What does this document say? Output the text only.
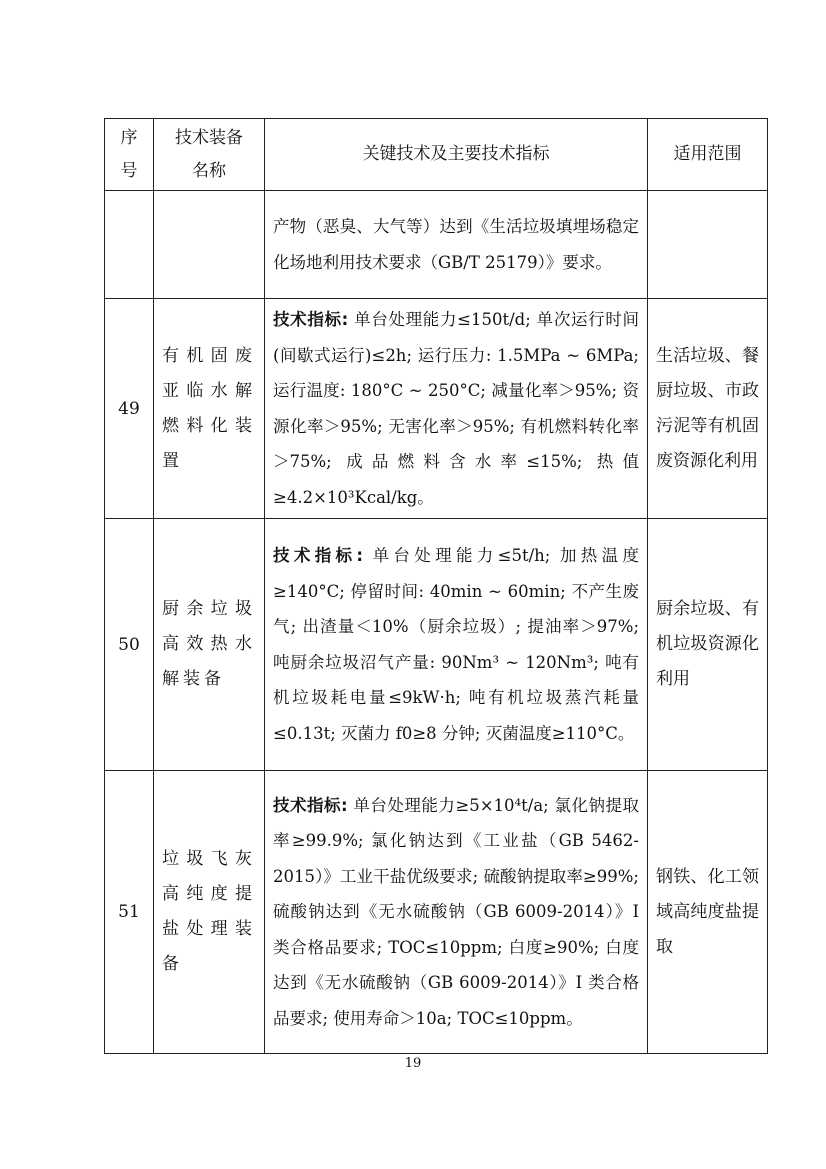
序号	技术装备名称	关键技术及主要技术指标	适用范围
		产物（恶臭、大气等）达到《生活垃圾填埋场稳定化场地利用技术要求（GB/T 25179）》要求。	
49	有机固废亚临水解燃料化装置	技术指标: 单台处理能力≤150t/d; 单次运行时间(间歇式运行)≤2h; 运行压力: 1.5MPa ~ 6MPa; 运行温度: 180°C ~ 250°C; 减量化率＞95%; 资源化率＞95%; 无害化率＞95%; 有机燃料转化率＞75%; 成品燃料含水率≤15%; 热值≥4.2×10³Kcal/kg。	生活垃圾、餐厨垃圾、市政污泥等有机固废资源化利用
50	厨余垃圾高效热水解装备	技术指标: 单台处理能力≤5t/h; 加热温度≥140°C; 停留时间: 40min ~ 60min; 不产生废气; 出渣量＜10%（厨余垃圾）; 提油率＞97%; 吨厨余垃圾沼气产量: 90Nm³ ~ 120Nm³; 吨有机垃圾耗电量≤9kW·h; 吨有机垃圾蒸汽耗量≤0.13t; 灭菌力 f0≥8 分钟; 灭菌温度≥110°C。	厨余垃圾、有机垃圾资源化利用
51	垃圾飞灰高纯度提盐处理装备	技术指标: 单台处理能力≥5×10⁴t/a; 氯化钠提取率≥99.9%; 氯化钠达到《工业盐（GB 5462-2015）》工业干盐优级要求; 硫酸钠提取率≥99%; 硫酸钠达到《无水硫酸钠（GB 6009-2014）》I 类合格品要求; TOC≤10ppm; 白度≥90%; 白度达到《无水硫酸钠（GB 6009-2014）》I 类合格品要求; 使用寿命＞10a; TOC≤10ppm。	钢铁、化工领域高纯度盐提取
19
